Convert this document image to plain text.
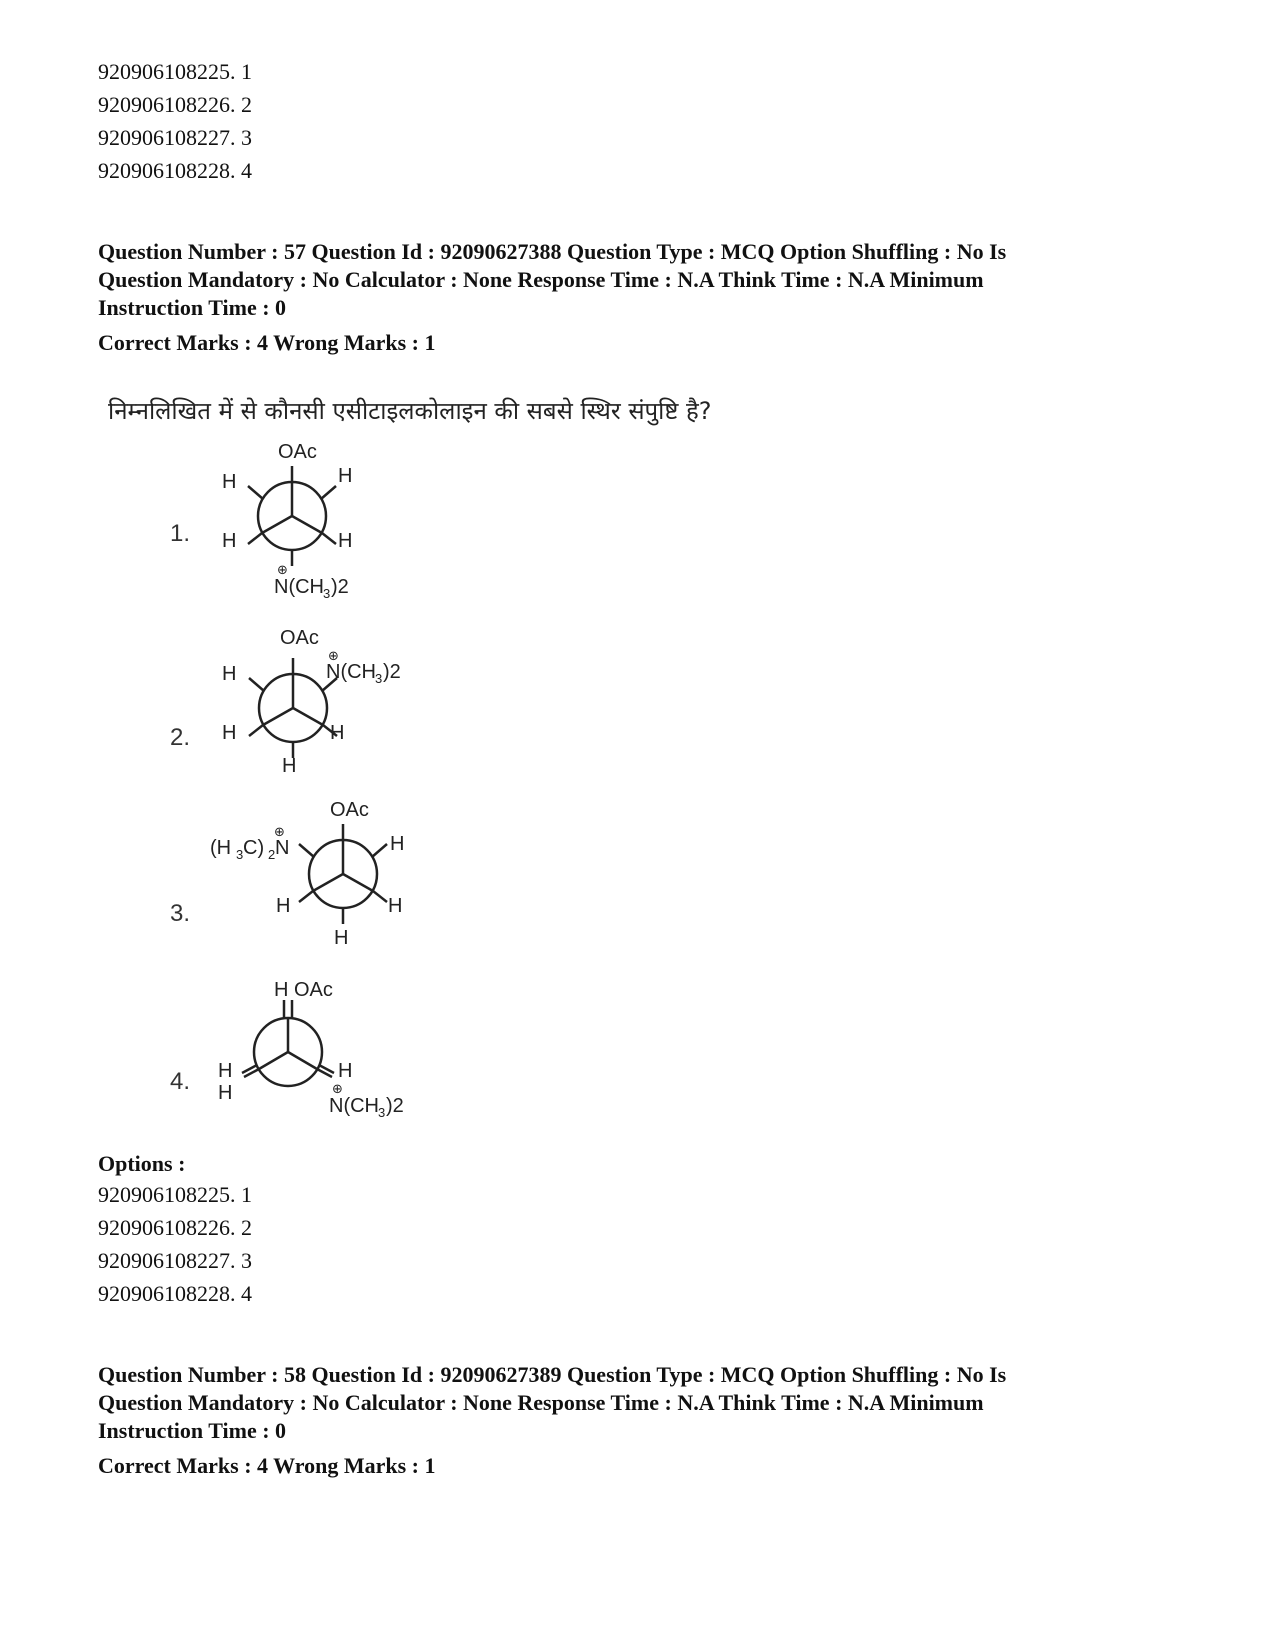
920906108225. 1
920906108226. 2
920906108227. 3
920906108228. 4
Question Number : 57 Question Id : 92090627388 Question Type : MCQ Option Shuffling : No Is
Question Mandatory : No Calculator : None Response Time : N.A Think Time : N.A Minimum
Instruction Time : 0
Correct Marks : 4 Wrong Marks : 1
निम्नलिखित में से कौनसी एसीटाइलकोलाइन की सबसे स्थिर संपुष्टि है?
1.
2.
3.
4.
OAc
H	H
H	H
⊕
N(CH 3 )2
OAc
H
⊕
N(CH 3 )2
H	H
H
OAc
⊕
(H 3 C) 2 N	H
H	H
H
H OAc
H
H
H
⊕
N(CH 3 )2
Options :
920906108225. 1
920906108226. 2
920906108227. 3
920906108228. 4
Question Number : 58 Question Id : 92090627389 Question Type : MCQ Option Shuffling : No Is
Question Mandatory : No Calculator : None Response Time : N.A Think Time : N.A Minimum
Instruction Time : 0
Correct Marks : 4 Wrong Marks : 1
